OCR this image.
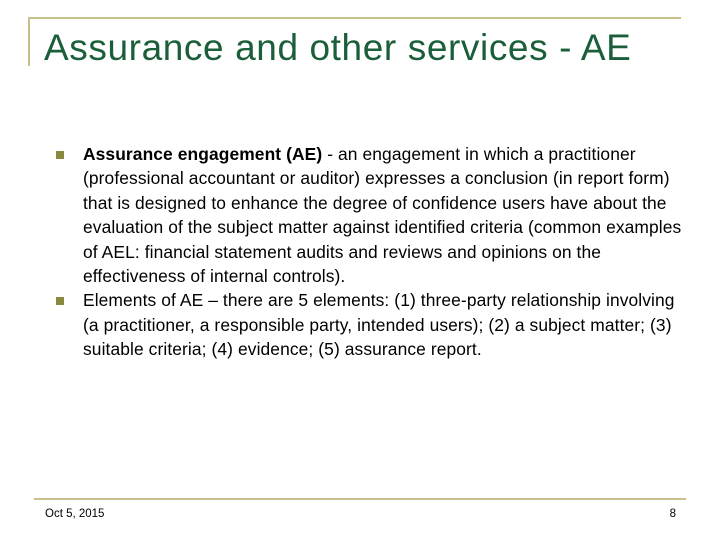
Assurance and other services - AE
Assurance engagement (AE) - an engagement in which a practitioner (professional accountant or auditor) expresses a conclusion (in report form) that is designed to enhance the degree of confidence users have about the evaluation of the subject matter against identified criteria (common examples of AEL: financial statement audits and reviews and opinions on the effectiveness of internal controls).
Elements of AE – there are 5 elements: (1) three-party relationship involving (a practitioner, a responsible party, intended users); (2) a subject matter; (3) suitable criteria; (4) evidence; (5) assurance report.
Oct 5, 2015	8
